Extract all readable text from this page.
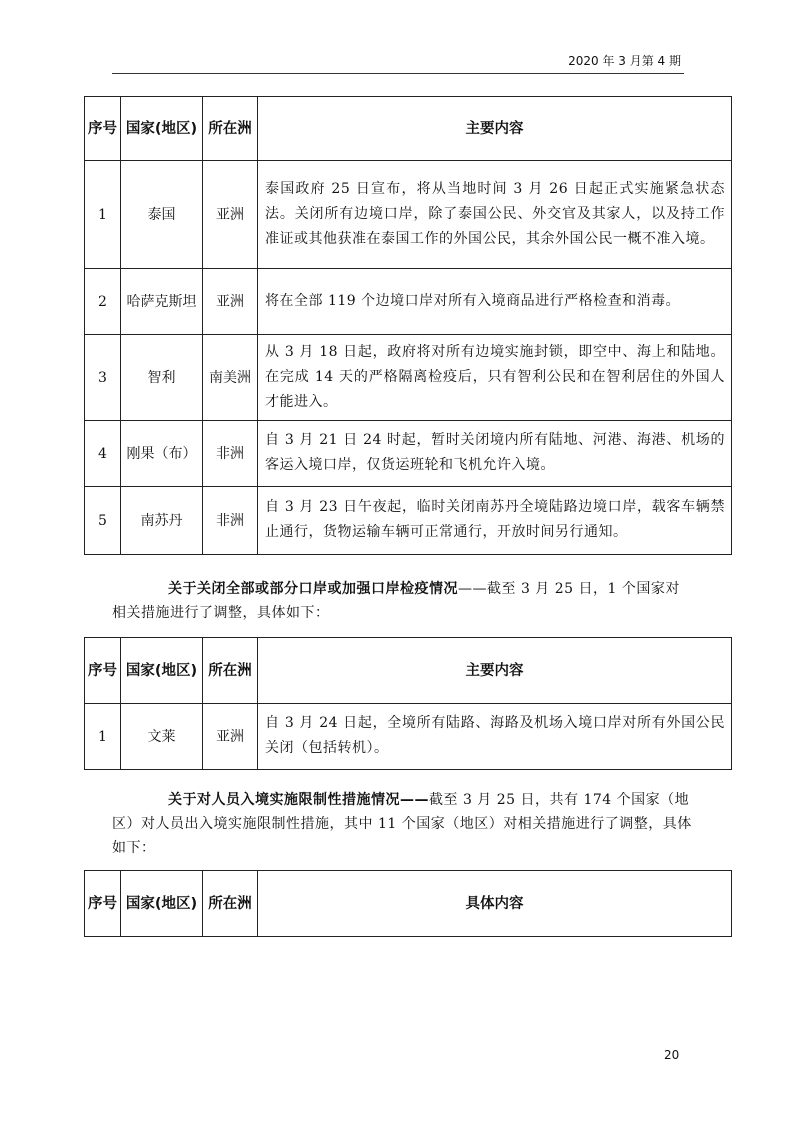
2020 年 3 月第 4 期
序号	国家(地区)	所在洲	主要内容
1	泰国	亚洲	泰国政府 25 日宣布，将从当地时间 3 月 26 日起正式实施紧急状态法。关闭所有边境口岸，除了泰国公民、外交官及其家人，以及持工作准证或其他获准在泰国工作的外国公民，其余外国公民一概不准入境。
2	哈萨克斯坦	亚洲	将在全部 119 个边境口岸对所有入境商品进行严格检查和消毒。
3	智利	南美洲	从 3 月 18 日起，政府将对所有边境实施封锁，即空中、海上和陆地。在完成 14 天的严格隔离检疫后，只有智利公民和在智利居住的外国人才能进入。
4	刚果（布）	非洲	自 3 月 21 日 24 时起，暂时关闭境内所有陆地、河港、海港、机场的客运入境口岸，仅货运班轮和飞机允许入境。
5	南苏丹	非洲	自 3 月 23 日午夜起，临时关闭南苏丹全境陆路边境口岸，载客车辆禁止通行，货物运输车辆可正常通行，开放时间另行通知。
关于关闭全部或部分口岸或加强口岸检疫情况——截至 3 月 25 日，1 个国家对相关措施进行了调整，具体如下：
序号	国家(地区)	所在洲	主要内容
1	文莱	亚洲	自 3 月 24 日起，全境所有陆路、海路及机场入境口岸对所有外国公民关闭（包括转机）。
关于对人员入境实施限制性措施情况——截至 3 月 25 日，共有 174 个国家（地区）对人员出入境实施限制性措施，其中 11 个国家（地区）对相关措施进行了调整，具体如下：
序号	国家(地区)	所在洲	具体内容
20
